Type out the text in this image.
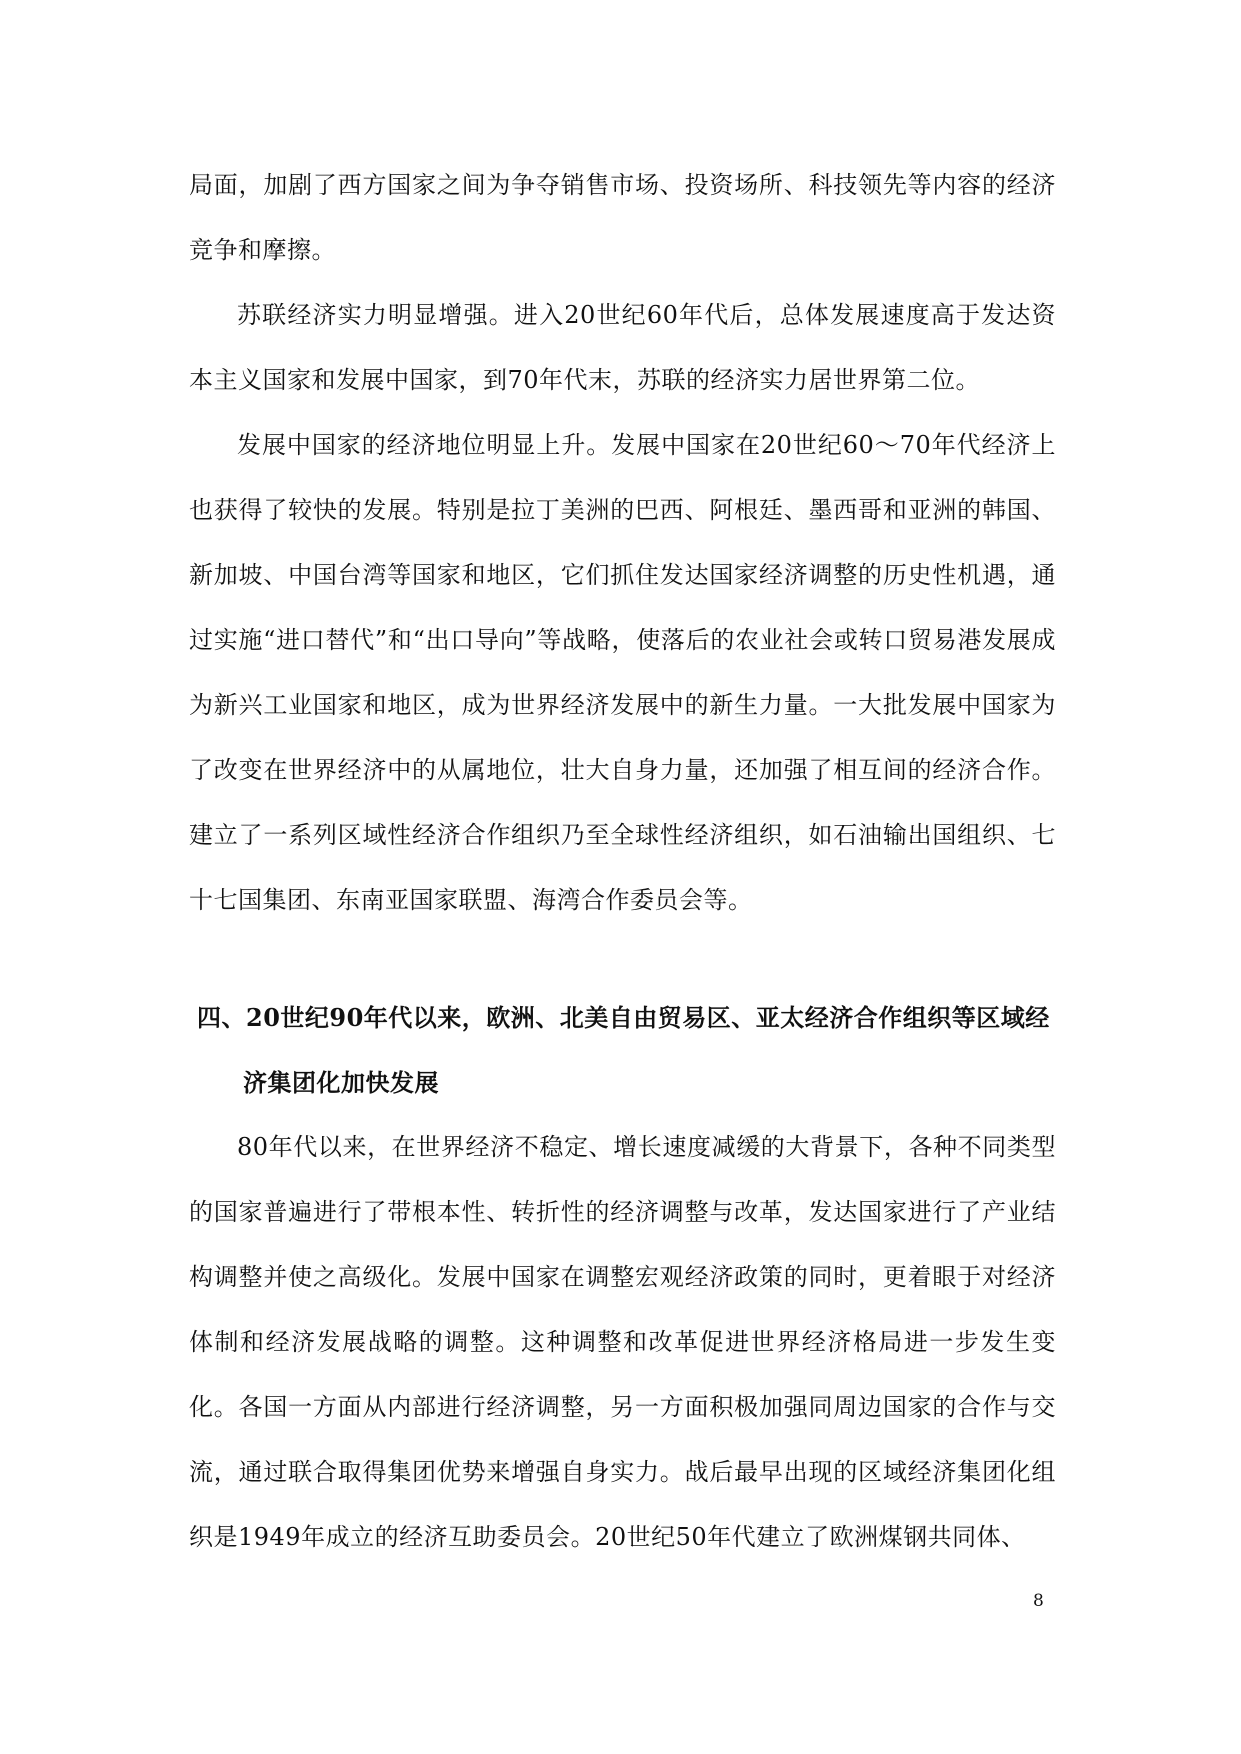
局面，加剧了西方国家之间为争夺销售市场、投资场所、科技领先等内容的经济竞争和摩擦。

苏联经济实力明显增强。进入20世纪60年代后，总体发展速度高于发达资本主义国家和发展中国家，到70年代末，苏联的经济实力居世界第二位。

发展中国家的经济地位明显上升。发展中国家在20世纪60～70年代经济上也获得了较快的发展。特别是拉丁美洲的巴西、阿根廷、墨西哥和亚洲的韩国、新加坡、中国台湾等国家和地区，它们抓住发达国家经济调整的历史性机遇，通过实施“进口替代”和“出口导向”等战略，使落后的农业社会或转口贸易港发展成为新兴工业国家和地区，成为世界经济发展中的新生力量。一大批发展中国家为了改变在世界经济中的从属地位，壮大自身力量，还加强了相互间的经济合作。建立了一系列区域性经济合作组织乃至全球性经济组织，如石油输出国组织、七十七国集团、东南亚国家联盟、海湾合作委员会等。

四、20世纪90年代以来，欧洲、北美自由贸易区、亚太经济合作组织等区域经
济集团化加快发展

80年代以来，在世界经济不稳定、增长速度减缓的大背景下，各种不同类型的国家普遍进行了带根本性、转折性的经济调整与改革，发达国家进行了产业结构调整并使之高级化。发展中国家在调整宏观经济政策的同时，更着眼于对经济体制和经济发展战略的调整。这种调整和改革促进世界经济格局进一步发生变化。各国一方面从内部进行经济调整，另一方面积极加强同周边国家的合作与交流，通过联合取得集团优势来增强自身实力。战后最早出现的区域经济集团化组织是1949年成立的经济互助委员会。20世纪50年代建立了欧洲煤钢共同体、

8
